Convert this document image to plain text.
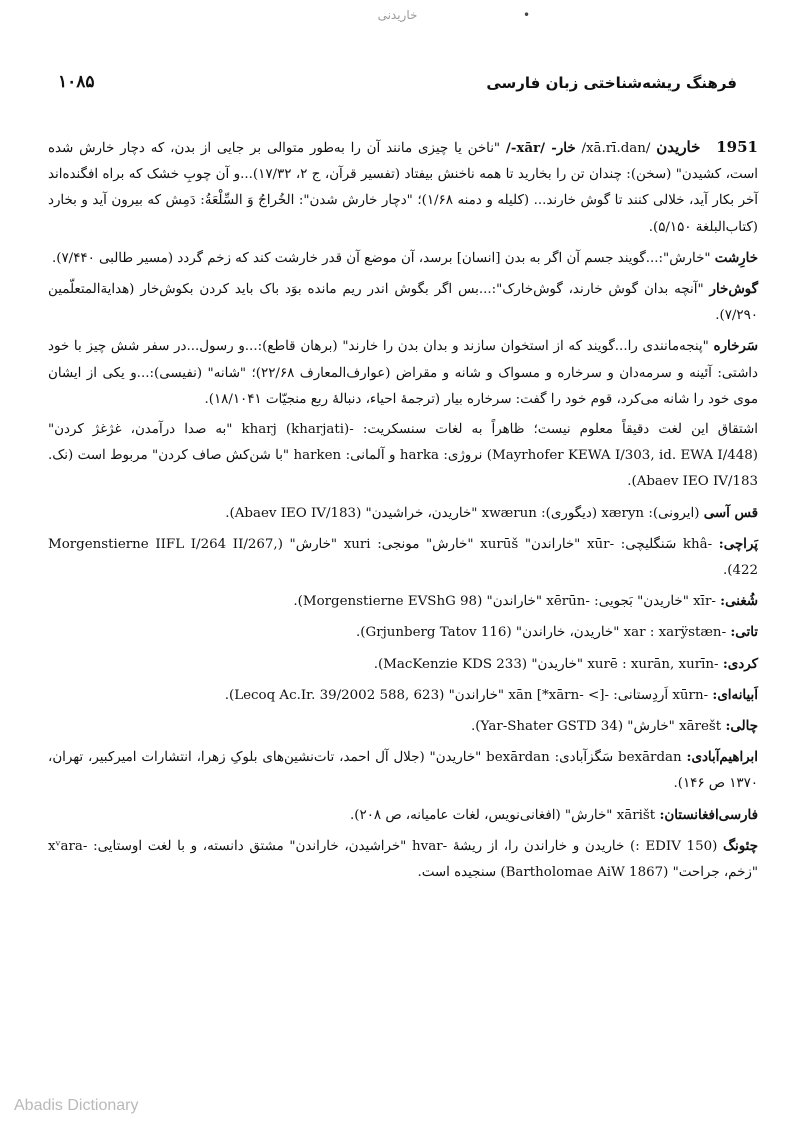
خاریدنی	•
۱۰۸۵	فرهنگ ریشه‌شناختی زبان فارسی

1951 خاریدن /xā.rī.dan/ خار- /xār-/ "ناخن یا چیزی مانند آن را به‌طور متوالی بر جایی از بدن، که دچار خارش شده است، کشیدن" (سخن): چندان تن را بخارید تا همه ناخنش بیفتاد (تفسیر قرآن، ج ۲، ۱۷/۳۲)...و آن چوبِ خشک که براه افگنده‌اند آخر بکار آید، خلالی کنند تا گوش خارند... (کلیله و دمنه ۱/۶۸)؛ "دچار خارش شدن": الخُراجُ وَ السِّلْعَةُ: دَمِش که بیرون آید و بخارد (کتاب‌البلغة ۵/۱۵۰).

خارِشت "خارش":...گویند جسم آن اگر به بدن [انسان] برسد، آن موضع آن قدر خارشت کند که زخم گردد (مسیر طالبی ۷/۴۴۰).

گوش‌خار "آنچه بدان گوش خارند، گوش‌خارک":...بس اگر بگوش اندر ریم مانده بوَد باک باید کردن بکوش‌خار (هدایة‌المتعلّمین ۷/۲۹۰).

سَرخاره "پنجه‌مانندی را...گویند که از استخوان سازند و بدان بدن را خارند" (برهان قاطع):...و رسول...در سفر شش چیز با خود داشتی: آئینه و سرمه‌دان و سرخاره و مسواک و شانه و مقراض (عوارف‌المعارف ۲۲/۶۸)؛ "شانه" (نفیسی):...و یکی از ایشان موی خود را شانه می‌کرد، قوم خود را گفت: سرخاره بیار (ترجمهٔ احیاء، دنبالهٔ ربع منجیّات ۱۸/۱۰۴۱).

اشتقاق این لغت دقیقاً معلوم نیست؛ ظاهراً به لغات سنسکریت: -kharj (kharjati) "به صدا درآمدن، غژغژ کردن" (Mayrhofer KEWA I/303, id. EWA I/448) نروژی: harka و آلمانی: harken "با شن‌کش صاف کردن" مربوط است (نک. Abaev IEO IV/183).

قس آسی (ایرونی): xæryn (دیگوری): xwærun "خاریدن، خراشیدن" (Abaev IEO IV/183).

پَراچی: -khâ سَنگلیچی: -xūr "خاراندن" xurūš "خارش" مونجی: xuri "خارش" (Morgenstierne IIFL I/264 II/267, 422).

شُغنی: -xīr "خاریدن" بَجویی: -xērūn "خاراندن" (Morgenstierne EVShG 98).

تاتی: -xar : xarÿstæn "خاریدن، خاراندن" (Grjunberg Tatov 116).

کردی: -xurē : xurān, xurīn "خاریدن" (MacKenzie KDS 233).

اَبیانه‌ای: -xūrn اَردِستانی: -xān [*xārn- <] "خاراندن" (Lecoq Ac.Ir. 39/2002 588, 623).

چالی: xārešt "خارش" (Yar-Shater GSTD 34).

ابراهیم‌آبادی: bexārdan سَگزآبادی: bexārdan "خاریدن" (جلال آل احمد، تات‌نشین‌های بلوکِ زهرا، انتشارات امیرکبیر، تهران، ۱۳۷۰ ص ۱۴۶).

فارسی‌افغانستان: xārišt "خارش" (افغانی‌نویس، لغات عامیانه، ص ۲۰۸).

چئونگ (EDIV 150 :) خاریدن و خاراندن را، از ریشهٔ -hvar "خراشیدن، خاراندن" مشتق دانسته، و با لغت اوستایی: -xᵛara "زخم، جراحت" (Bartholomae AiW 1867) سنجیده است.

Abadis Dictionary
